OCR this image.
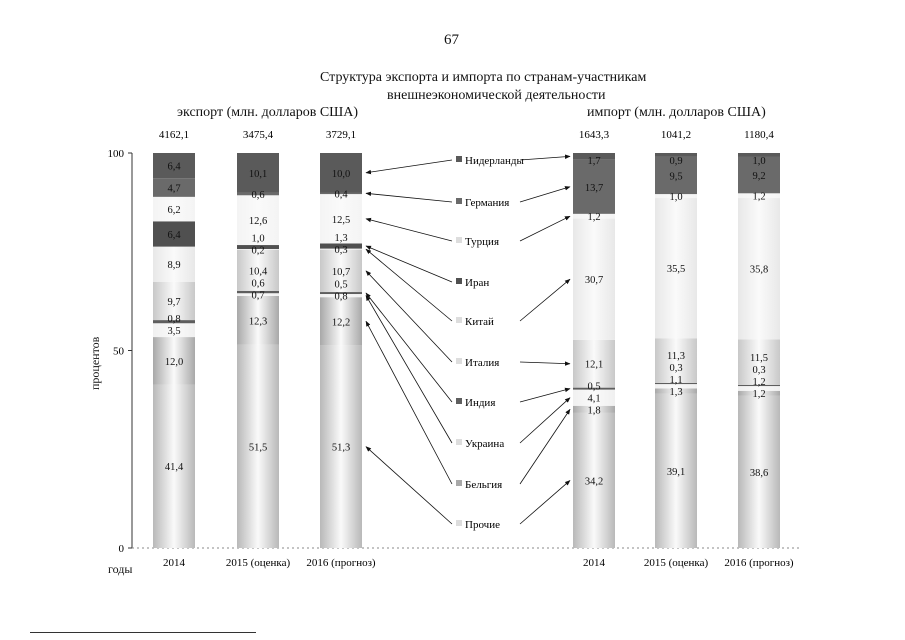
67
Структура экспорта и импорта по странам-участникам
внешнеэкономической деятельности
экспорт (млн. долларов США)	импорт (млн. долларов США)
годы
процентов
0
50
100
2014
4162,1
2015 (оценка)
3475,4
2016 (прогноз)
3729,1
2014
1643,3
2015 (оценка)
1041,2
2016 (прогноз)
1180,4
Нидерланды
Германия
Турция
Иран
Китай
Италия
Индия
Украина
Бельгия
Прочие
41,4
12,0
3,5
0,8
9,7
8,9
6,4
6,2
4,7
6,4
51,5
12,3
0,7
0,6
10,4
0,2
1,0
12,6
0,6
10,1
51,3
12,2
0,8
0,5
10,7
0,3
1,3
12,5
0,4
10,0
34,2
1,8
4,1
0,5
12,1
30,7
1,2
13,7
1,7
39,1
1,3
1,1
0,3
11,3
35,5
1,0
9,5
0,9
38,6
1,2
1,2
0,3
11,5
35,8
1,2
9,2
1,0
